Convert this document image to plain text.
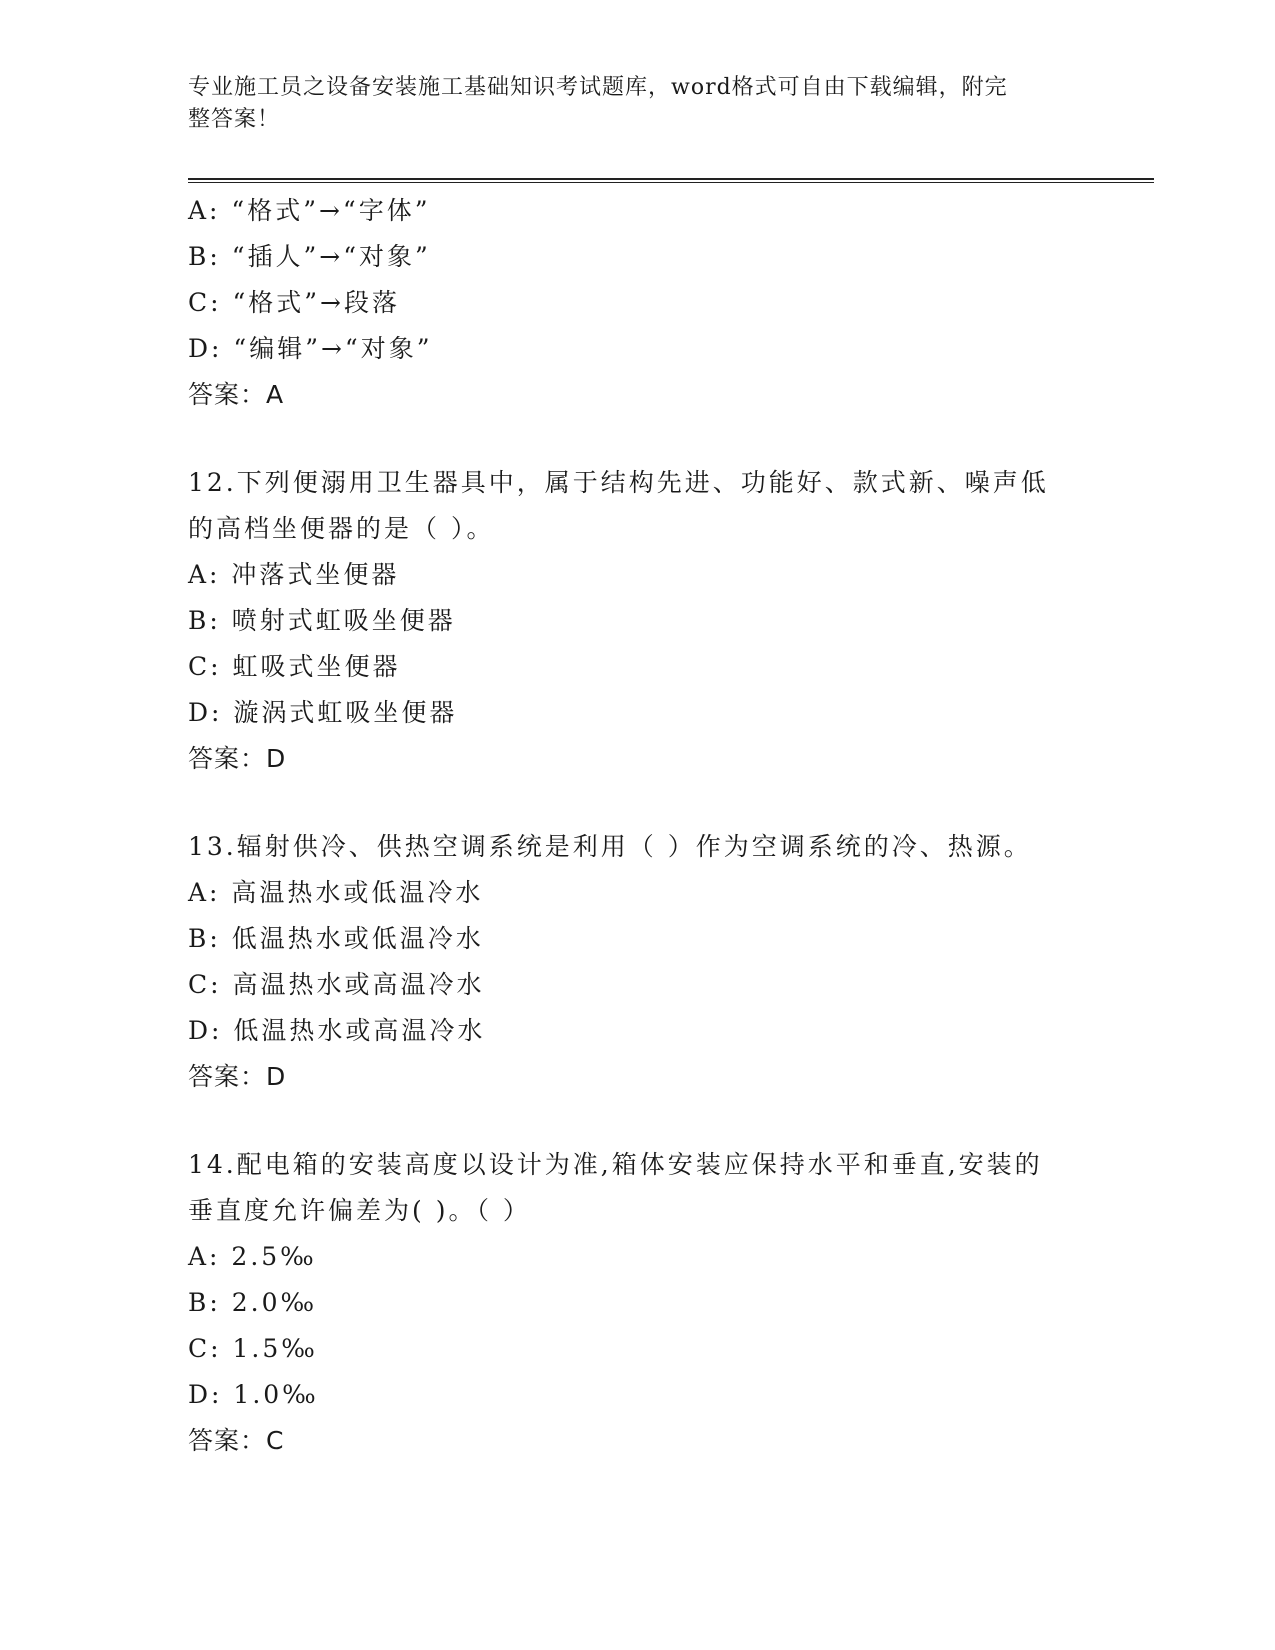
专业施工员之设备安装施工基础知识考试题库，word格式可自由下载编辑，附完
整答案！
A: “格式”→“字体”
B: “插人”→“对象”
C: “格式”→段落
D: “编辑”→“对象”
答案：A
12.下列便溺用卫生器具中，属于结构先进、功能好、款式新、噪声低
的高档坐便器的是（ ）。
A: 冲落式坐便器
B: 喷射式虹吸坐便器
C: 虹吸式坐便器
D: 漩涡式虹吸坐便器
答案：D
13.辐射供冷、供热空调系统是利用（ ）作为空调系统的冷、热源。
A: 高温热水或低温冷水
B: 低温热水或低温冷水
C: 高温热水或高温冷水
D: 低温热水或高温冷水
答案：D
14.配电箱的安装高度以设计为准,箱体安装应保持水平和垂直,安装的
垂直度允许偏差为( )。（ ）
A: 2.5‰
B: 2.0‰
C: 1.5‰
D: 1.0‰
答案：C
